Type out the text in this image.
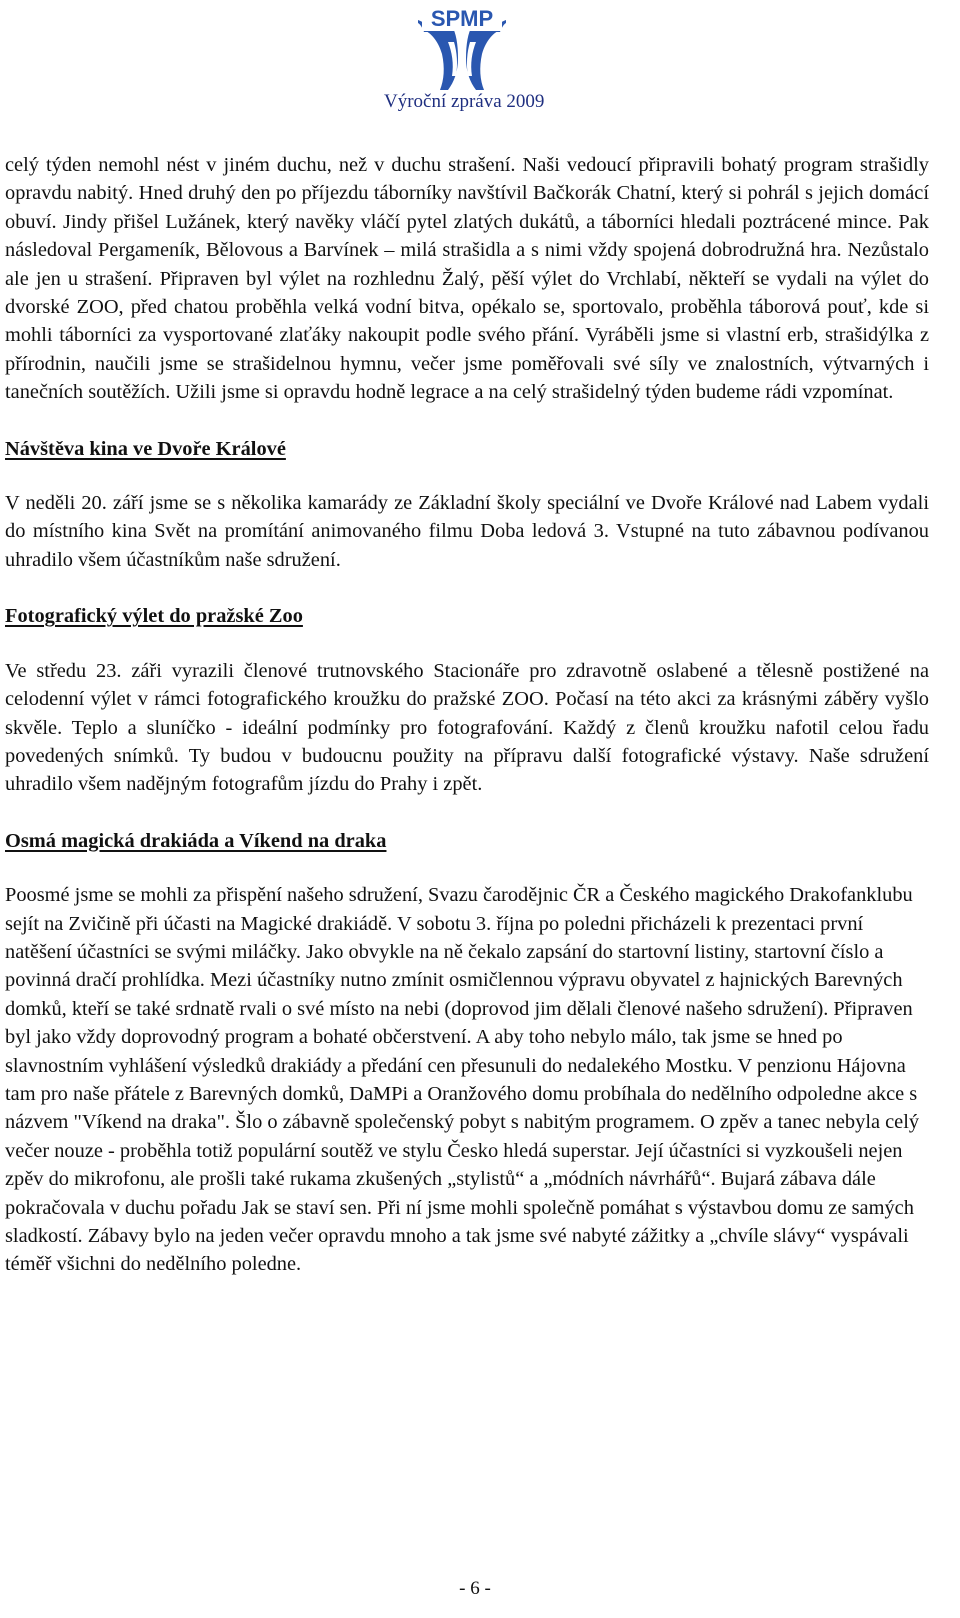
SPMP
Výroční zpráva 2009

celý týden nemohl nést v jiném duchu, než v duchu strašení. Naši vedoucí připravili bohatý program strašidly opravdu nabitý. Hned druhý den po příjezdu táborníky navštívil Bačkorák Chatní, který si pohrál s jejich domácí obuví. Jindy přišel Lužánek, který navěky vláčí pytel zlatých dukátů, a táborníci hledali poztrácené mince. Pak následoval Pergameník, Bělovous a Barvínek – milá strašidla a s nimi vždy spojená dobrodružná hra. Nezůstalo ale jen u strašení. Připraven byl výlet na rozhlednu Žalý, pěší výlet do Vrchlabí, někteří se vydali na výlet do dvorské ZOO, před chatou proběhla velká vodní bitva, opékalo se, sportovalo, proběhla táborová pouť, kde si mohli táborníci za vysportované zlaťáky nakoupit podle svého přání. Vyráběli jsme si vlastní erb, strašidýlka z přírodnin, naučili jsme se strašidelnou hymnu, večer jsme poměřovali své síly ve znalostních, výtvarných i tanečních soutěžích. Užili jsme si opravdu hodně legrace a na celý strašidelný týden budeme rádi vzpomínat.

Návštěva kina ve Dvoře Králové

V neděli 20. září jsme se s několika kamarády ze Základní školy speciální ve Dvoře Králové nad Labem vydali do místního kina Svět na promítání animovaného filmu Doba ledová 3. Vstupné na tuto zábavnou podívanou uhradilo všem účastníkům naše sdružení.

Fotografický výlet do pražské Zoo

Ve středu 23. záři vyrazili členové trutnovského Stacionáře pro zdravotně oslabené a tělesně postižené na celodenní výlet v rámci fotografického kroužku do pražské ZOO. Počasí na této akci za krásnými záběry vyšlo skvěle. Teplo a sluníčko - ideální podmínky pro fotografování. Každý z členů kroužku nafotil celou řadu povedených snímků. Ty budou v budoucnu použity na přípravu další fotografické výstavy. Naše sdružení uhradilo všem nadějným fotografům jízdu do Prahy i zpět.

Osmá magická drakiáda a Víkend na draka

Poosmé jsme se mohli za přispění našeho sdružení, Svazu čarodějnic ČR a Českého magického Drakofanklubu sejít na Zvičině při účasti na Magické drakiádě. V sobotu 3. října po poledni přicházeli k prezentaci první natěšení účastníci se svými miláčky. Jako obvykle na ně čekalo zapsání do startovní listiny, startovní číslo a povinná dračí prohlídka. Mezi účastníky nutno zmínit osmičlennou výpravu obyvatel z hajnických Barevných domků, kteří se také srdnatě rvali o své místo na nebi (doprovod jim dělali členové našeho sdružení). Připraven byl jako vždy doprovodný program a bohaté občerstvení. A aby toho nebylo málo, tak jsme se hned po slavnostním vyhlášení výsledků drakiády a předání cen přesunuli do nedalekého Mostku. V penzionu Hájovna tam pro naše přátele z Barevných domků, DaMPi a Oranžového domu probíhala do nedělního odpoledne akce s názvem "Víkend na draka". Šlo o zábavně společenský pobyt s nabitým programem. O zpěv a tanec nebyla celý večer nouze - proběhla totiž populární soutěž ve stylu Česko hledá superstar. Její účastníci si vyzkoušeli nejen zpěv do mikrofonu, ale prošli také rukama zkušených „stylistů“ a „módních návrhářů“. Bujará zábava dále pokračovala v duchu pořadu Jak se staví sen. Při ní jsme mohli společně pomáhat s výstavbou domu ze samých sladkostí. Zábavy bylo na jeden večer opravdu mnoho a tak jsme své nabyté zážitky a „chvíle slávy“ vyspávali téměř všichni do nedělního poledne.

- 6 -
